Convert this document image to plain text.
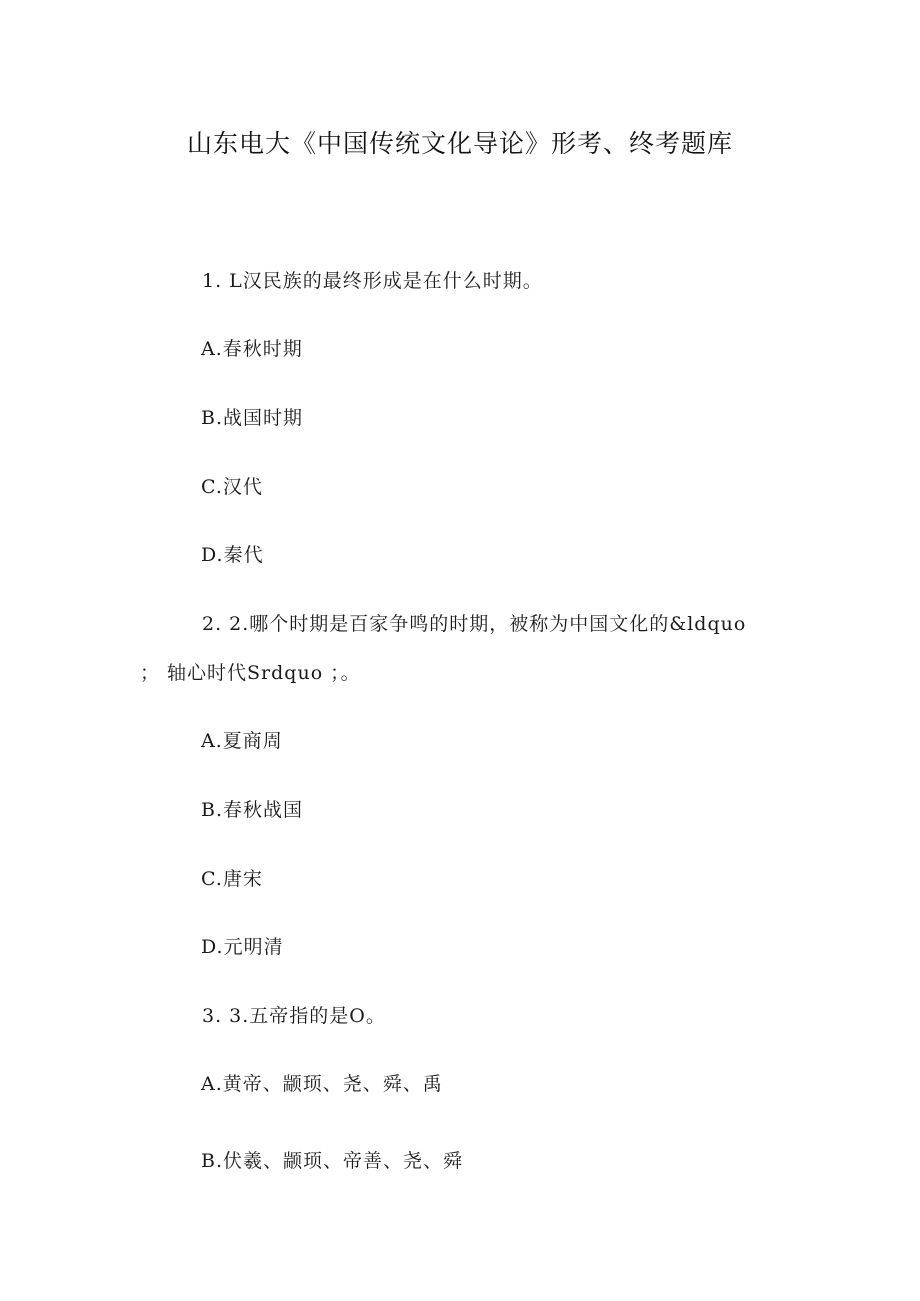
山东电大《中国传统文化导论》形考、终考题库
1. L汉民族的最终形成是在什么时期。
A.春秋时期
B.战国时期
C.汉代
D.秦代
2. 2.哪个时期是百家争鸣的时期，被称为中国文化的&ldquo
； 轴心时代Srdquo ；。
A.夏商周
B.春秋战国
C.唐宋
D.元明清
3. 3.五帝指的是O。
A.黄帝、颛顼、尧、舜、禹
B.伏羲、颛顼、帝善、尧、舜
